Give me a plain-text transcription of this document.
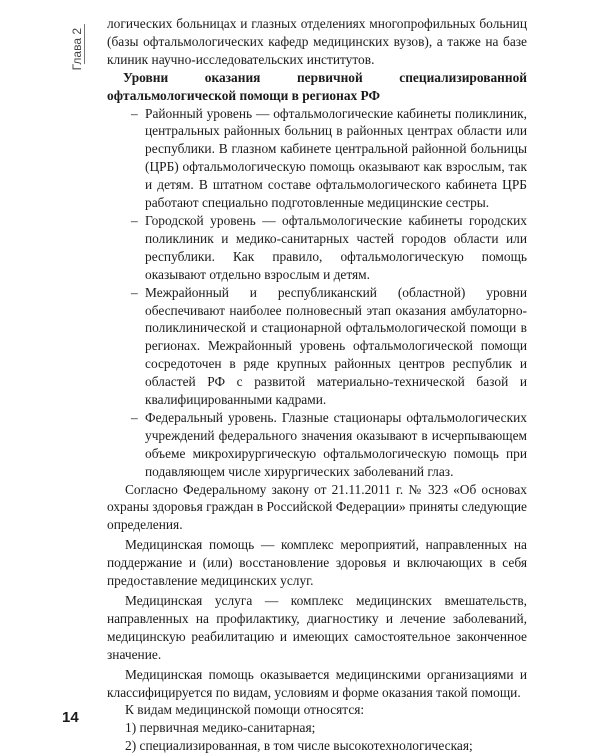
Глава 2

логических больницах и глазных отделениях многопрофильных больниц (базы офтальмологических кафедр медицинских вузов), а также на базе клиник научно-исследовательских институтов.

Уровни оказания первичной специализированной офтальмологической помощи в регионах РФ

– Районный уровень — офтальмологические кабинеты поликлиник, центральных районных больниц в районных центрах области или республики. В глазном кабинете центральной районной больницы (ЦРБ) офтальмологическую помощь оказывают как взрослым, так и детям. В штатном составе офтальмологического кабинета ЦРБ работают специально подготовленные медицинские сестры.
– Городской уровень — офтальмологические кабинеты городских поликлиник и медико-санитарных частей городов области или республики. Как правило, офтальмологическую помощь оказывают отдельно взрослым и детям.
– Межрайонный и республиканский (областной) уровни обеспечивают наиболее полновесный этап оказания амбулаторно-поликлинической и стационарной офтальмологической помощи в регионах. Межрайонный уровень офтальмологической помощи сосредоточен в ряде крупных районных центров республик и областей РФ с развитой материально-технической базой и квалифицированными кадрами.
– Федеральный уровень. Глазные стационары офтальмологических учреждений федерального значения оказывают в исчерпывающем объеме микрохирургическую офтальмологическую помощь при подавляющем числе хирургических заболеваний глаз.

Согласно Федеральному закону от 21.11.2011 г. № 323 «Об основах охраны здоровья граждан в Российской Федерации» приняты следующие определения.

Медицинская помощь — комплекс мероприятий, направленных на поддержание и (или) восстановление здоровья и включающих в себя предоставление медицинских услуг.

Медицинская услуга — комплекс медицинских вмешательств, направленных на профилактику, диагностику и лечение заболеваний, медицинскую реабилитацию и имеющих самостоятельное законченное значение.

Медицинская помощь оказывается медицинскими организациями и классифицируется по видам, условиям и форме оказания такой помощи.

К видам медицинской помощи относятся:

1) первичная медико-санитарная;

2) специализированная, в том числе высокотехнологическая;

14
